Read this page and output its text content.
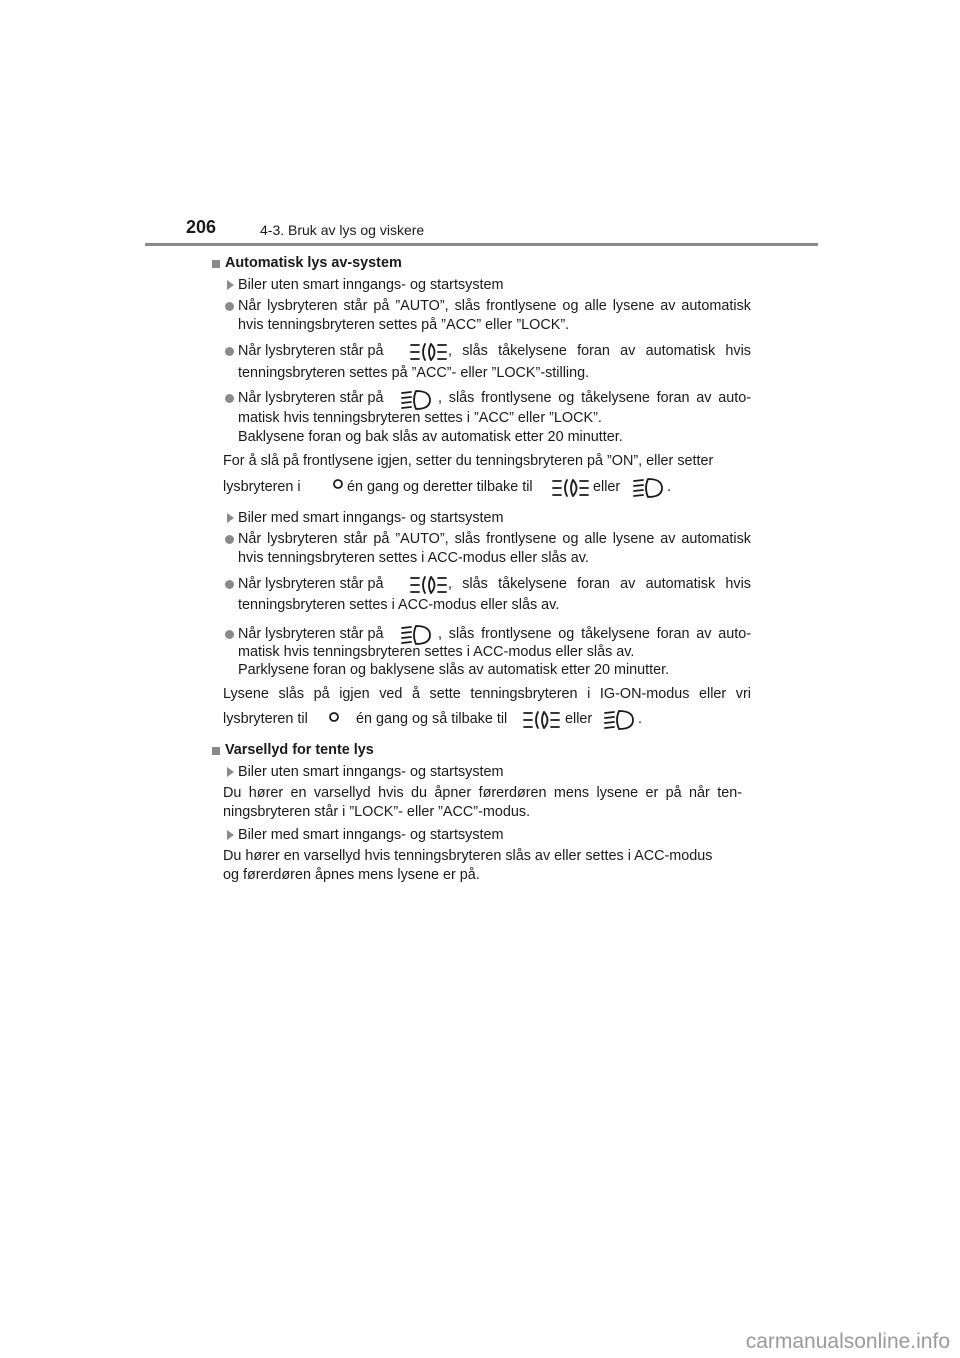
206	4-3. Bruk av lys og viskere
Automatisk lys av-system
Biler uten smart inngangs- og startsystem
Når lysbryteren står på ”AUTO”, slås frontlysene og alle lysene av automatisk
hvis tenningsbryteren settes på ”ACC” eller ”LOCK”.
Når lysbryteren står på	, slås tåkelysene foran av automatisk hvis
tenningsbryteren settes på ”ACC”- eller ”LOCK”-stilling.
Når lysbryteren står på	, slås frontlysene og tåkelysene foran av auto-
matisk hvis tenningsbryteren settes i ”ACC” eller ”LOCK”.
Baklysene foran og bak slås av automatisk etter 20 minutter.
For å slå på frontlysene igjen, setter du tenningsbryteren på ”ON”, eller setter
lysbryteren i	én gang og deretter tilbake til	eller	.
Biler med smart inngangs- og startsystem
Når lysbryteren står på ”AUTO”, slås frontlysene og alle lysene av automatisk
hvis tenningsbryteren settes i ACC-modus eller slås av.
Når lysbryteren står på	, slås tåkelysene foran av automatisk hvis
tenningsbryteren settes i ACC-modus eller slås av.
Når lysbryteren står på	, slås frontlysene og tåkelysene foran av auto-
matisk hvis tenningsbryteren settes i ACC-modus eller slås av.
Parklysene foran og baklysene slås av automatisk etter 20 minutter.
Lysene slås på igjen ved å sette tenningsbryteren i IG-ON-modus eller vri
lysbryteren til	én gang og så tilbake til	eller	.
Varsellyd for tente lys
Biler uten smart inngangs- og startsystem
Du hører en varsellyd hvis du åpner førerdøren mens lysene er på når ten-
ningsbryteren står i ”LOCK”- eller ”ACC”-modus.
Biler med smart inngangs- og startsystem
Du hører en varsellyd hvis tenningsbryteren slås av eller settes i ACC-modus
og førerdøren åpnes mens lysene er på.
carmanualsonline.info
